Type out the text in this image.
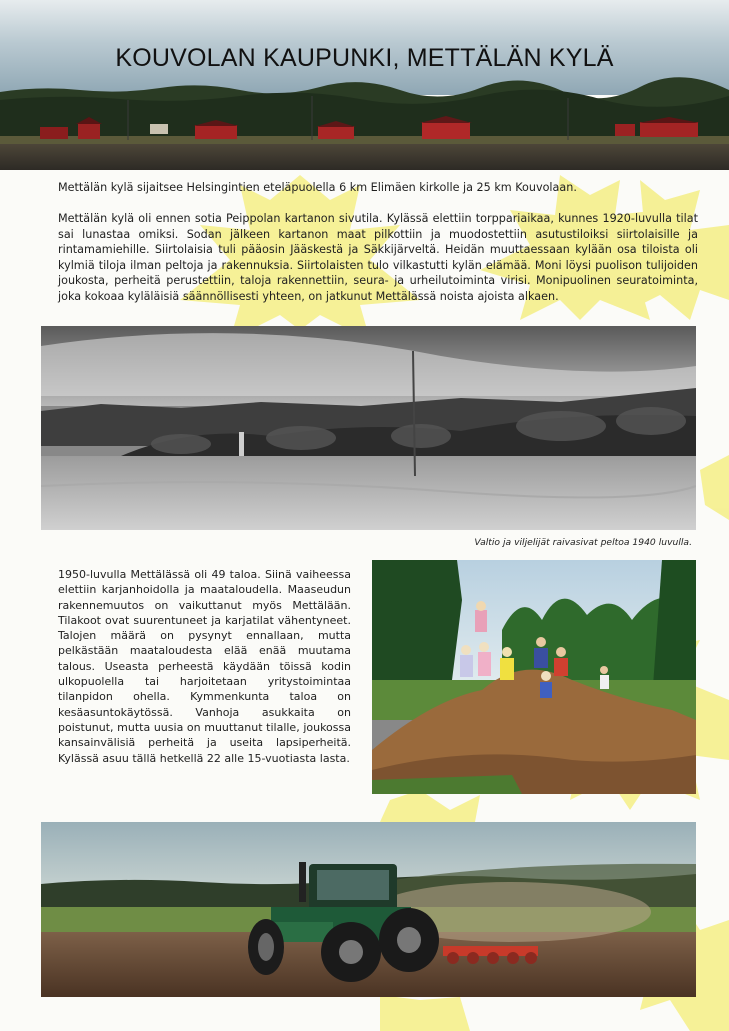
KOUVOLAN KAUPUNKI, METTÄLÄN KYLÄ

Mettälän kylä sijaitsee Helsingintien eteläpuolella 6 km Elimäen kirkolle ja 25 km Kouvolaan.

Mettälän kylä oli ennen sotia Peippolan kartanon sivutila. Kylässä elettiin torppariaikaa, kunnes 1920-luvulla tilat sai lunastaa omiksi. Sodan jälkeen kartanon maat pilkottiin ja muodostettiin asutustiloiksi siirtolaisille ja rintamamiehille. Siirtolaisia tuli pääosin Jääskestä ja Säkkijärveltä. Heidän muuttaessaan kylään osa tiloista oli kylmiä tiloja ilman peltoja ja rakennuksia. Siirtolaisten tulo vilkastutti kylän elämää. Moni löysi puolison tulijoiden joukosta, perheitä perustettiin, taloja rakennettiin, seura- ja urheilutoiminta virisi. Monipuolinen seuratoiminta, joka kokoaa kyläläisiä säännöllisesti yhteen, on jatkunut Mettälässä noista ajoista alkaen.

Valtio ja viljelijät raivasivat peltoa 1940 luvulla.

1950-luvulla Mettälässä oli 49 taloa. Siinä vaiheessa elettiin karjanhoidolla ja maataloudella. Maaseudun rakennemuutos on vaikuttanut myös Mettälään. Tilakoot ovat suurentuneet ja karjatilat vähentyneet. Talojen määrä on pysynyt ennallaan, mutta pelkästään maataloudesta elää enää muutama talous. Useasta perheestä käydään töissä kodin ulkopuolella tai harjoitetaan yritystoimintaa tilanpidon ohella. Kymmenkunta taloa on kesäasuntokäytössä. Vanhoja asukkaita on poistunut, mutta uusia on muuttanut tilalle, joukossa kansainvälisiä perheitä ja useita lapsiperheitä. Kylässä asuu tällä hetkellä 22 alle 15-vuotiasta lasta.
